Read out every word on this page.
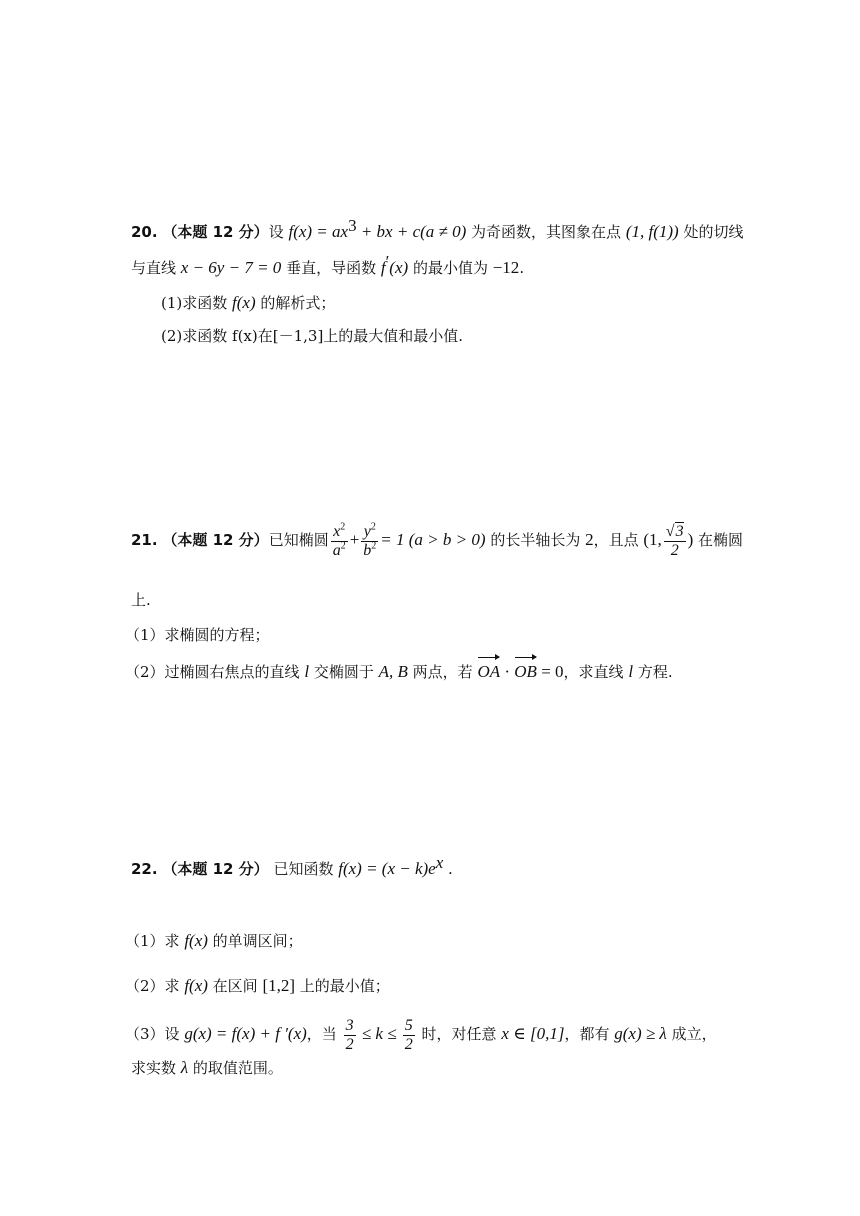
20. （本题 12 分）设 $f(x) = ax^3$ + bx + c(a ≠ 0) 为奇函数，其图象在点 (1, f(1)) 处的切线
与直线 x − 6y − 7 = 0 垂直，导函数 f′(x) 的最小值为 −12.
(1)求函数 f(x) 的解析式；
(2)求函数 f(x)在[－1,3]上的最大值和最小值.
21. （本题 12 分）已知椭圆 $\frac{x^2}{a^2} + \frac{y^2}{b^2} = 1$ (a > b > 0) 的长半轴长为 2，且点 (1, $\frac{√3}{2}$ ) 在椭圆
上.
（1）求椭圆的方程；
（2）过椭圆右焦点的直线 l 交椭圆于 A, B 两点，若 OA · OB = 0，求直线 l 方程.
22. （本题 12 分） 已知函数 $f(x) = (x - k)e^x$ .
（1）求 f(x) 的单调区间；
（2）求 f(x) 在区间 [1,2] 上的最小值；
（3）设 g(x) = f(x) + f ′(x)，当 $\frac{3}{2} \le k \le \frac{5}{2}$ 时，对任意 x ∈ [0,1]，都有 g(x) ≥ λ 成立，
求实数 λ 的取值范围。
